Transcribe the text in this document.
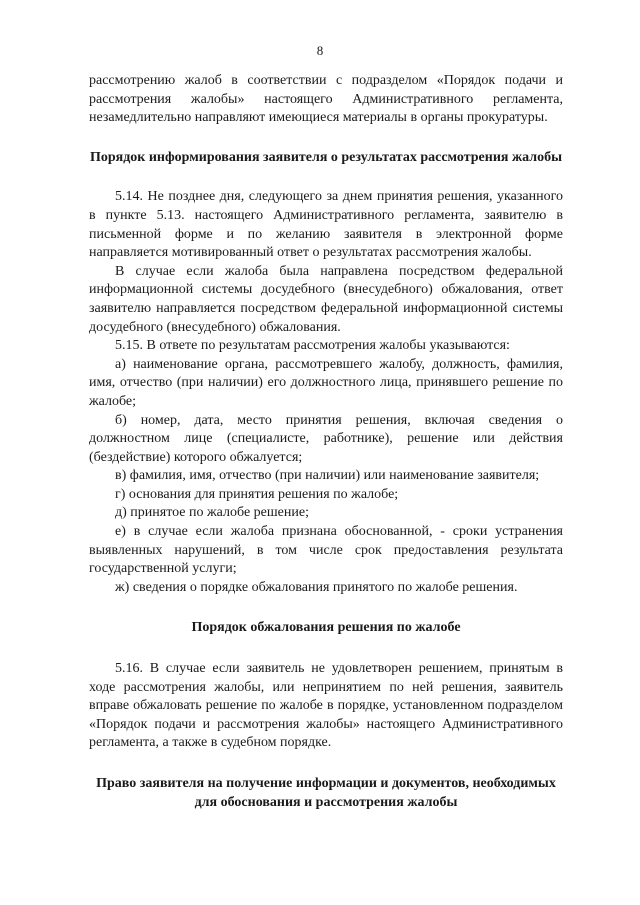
8

рассмотрению жалоб в соответствии с подразделом «Порядок подачи и рассмотрения жалобы» настоящего Административного регламента, незамедлительно направляют имеющиеся материалы в органы прокуратуры.

Порядок информирования заявителя о результатах рассмотрения жалобы

5.14. Не позднее дня, следующего за днем принятия решения, указанного в пункте 5.13. настоящего Административного регламента, заявителю в письменной форме и по желанию заявителя в электронной форме направляется мотивированный ответ о результатах рассмотрения жалобы.

В случае если жалоба была направлена посредством федеральной информационной системы досудебного (внесудебного) обжалования, ответ заявителю направляется посредством федеральной информационной системы досудебного (внесудебного) обжалования.

5.15. В ответе по результатам рассмотрения жалобы указываются:

а) наименование органа, рассмотревшего жалобу, должность, фамилия, имя, отчество (при наличии) его должностного лица, принявшего решение по жалобе;

б) номер, дата, место принятия решения, включая сведения о должностном лице (специалисте, работнике), решение или действия (бездействие) которого обжалуется;

в) фамилия, имя, отчество (при наличии) или наименование заявителя;

г) основания для принятия решения по жалобе;

д) принятое по жалобе решение;

е) в случае если жалоба признана обоснованной, - сроки устранения выявленных нарушений, в том числе срок предоставления результата государственной услуги;

ж) сведения о порядке обжалования принятого по жалобе решения.

Порядок обжалования решения по жалобе

5.16. В случае если заявитель не удовлетворен решением, принятым в ходе рассмотрения жалобы, или непринятием по ней решения, заявитель вправе обжаловать решение по жалобе в порядке, установленном подразделом «Порядок подачи и рассмотрения жалобы» настоящего Административного регламента, а также в судебном порядке.

Право заявителя на получение информации и документов, необходимых для обоснования и рассмотрения жалобы
